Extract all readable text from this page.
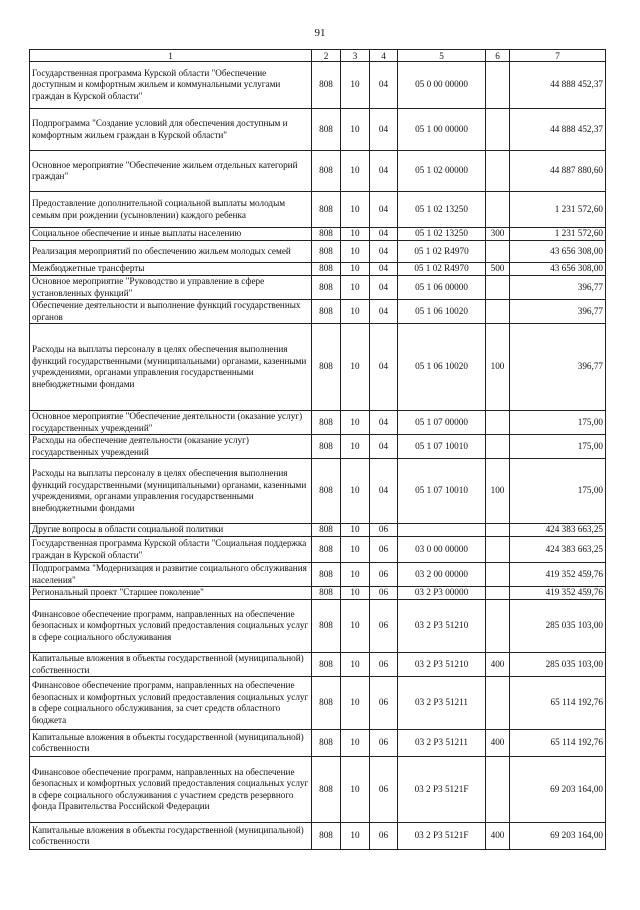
91
1	2	3	4	5	6	7
Государственная программа Курской области "Обеспечение доступным и комфортным жильем и коммунальными услугами граждан в Курской области"	808	10	04	05 0 00 00000		44 888 452,37
Подпрограмма "Создание условий для обеспечения доступным и комфортным жильем граждан в Курской области"	808	10	04	05 1 00 00000		44 888 452,37
Основное мероприятие "Обеспечение жильем отдельных категорий граждан"	808	10	04	05 1 02 00000		44 887 880,60
Предоставление дополнительной социальной выплаты молодым семьям при рождении (усыновлении) каждого ребенка	808	10	04	05 1 02 13250		1 231 572,60
Социальное обеспечение и иные выплаты населению	808	10	04	05 1 02 13250	300	1 231 572,60
Реализация мероприятий по обеспечению жильем молодых семей	808	10	04	05 1 02 R4970		43 656 308,00
Межбюджетные трансферты	808	10	04	05 1 02 R4970	500	43 656 308,00
Основное мероприятие "Руководство и управление в сфере установленных функций"	808	10	04	05 1 06 00000		396,77
Обеспечение деятельности и выполнение функций государственных органов	808	10	04	05 1 06 10020		396,77
Расходы на выплаты персоналу в целях обеспечения выполнения функций государственными (муниципальными) органами, казенными учреждениями, органами управления государственными внебюджетными фондами	808	10	04	05 1 06 10020	100	396,77
Основное мероприятие "Обеспечение деятельности (оказание услуг) государственных учреждений"	808	10	04	05 1 07 00000		175,00
Расходы на обеспечение деятельности (оказание услуг) государственных учреждений	808	10	04	05 1 07 10010		175,00
Расходы на выплаты персоналу в целях обеспечения выполнения функций государственными (муниципальными) органами, казенными учреждениями, органами управления государственными внебюджетными фондами	808	10	04	05 1 07 10010	100	175,00
Другие вопросы в области социальной политики	808	10	06			424 383 663,25
Государственная программа Курской области "Социальная поддержка граждан в Курской области"	808	10	06	03 0 00 00000		424 383 663,25
Подпрограмма "Модернизация и развитие социального обслуживания населения"	808	10	06	03 2 00 00000		419 352 459,76
Региональный проект "Старшее поколение"	808	10	06	03 2 P3 00000		419 352 459,76
Финансовое обеспечение программ, направленных на обеспечение безопасных и комфортных условий предоставления социальных услуг в сфере социального обслуживания	808	10	06	03 2 P3 51210		285 035 103,00
Капитальные вложения в объекты государственной (муниципальной) собственности	808	10	06	03 2 P3 51210	400	285 035 103,00
Финансовое обеспечение программ, направленных на обеспечение безопасных и комфортных условий предоставления социальных услуг в сфере социального обслуживания, за счет средств областного бюджета	808	10	06	03 2 P3 51211		65 114 192,76
Капитальные вложения в объекты государственной (муниципальной) собственности	808	10	06	03 2 P3 51211	400	65 114 192,76
Финансовое обеспечение программ, направленных на обеспечение безопасных и комфортных условий предоставления социальных услуг в сфере социального обслуживания с участием средств резервного фонда Правительства Российской Федерации	808	10	06	03 2 P3 5121F		69 203 164,00
Капитальные вложения в объекты государственной (муниципальной) собственности	808	10	06	03 2 P3 5121F	400	69 203 164,00
